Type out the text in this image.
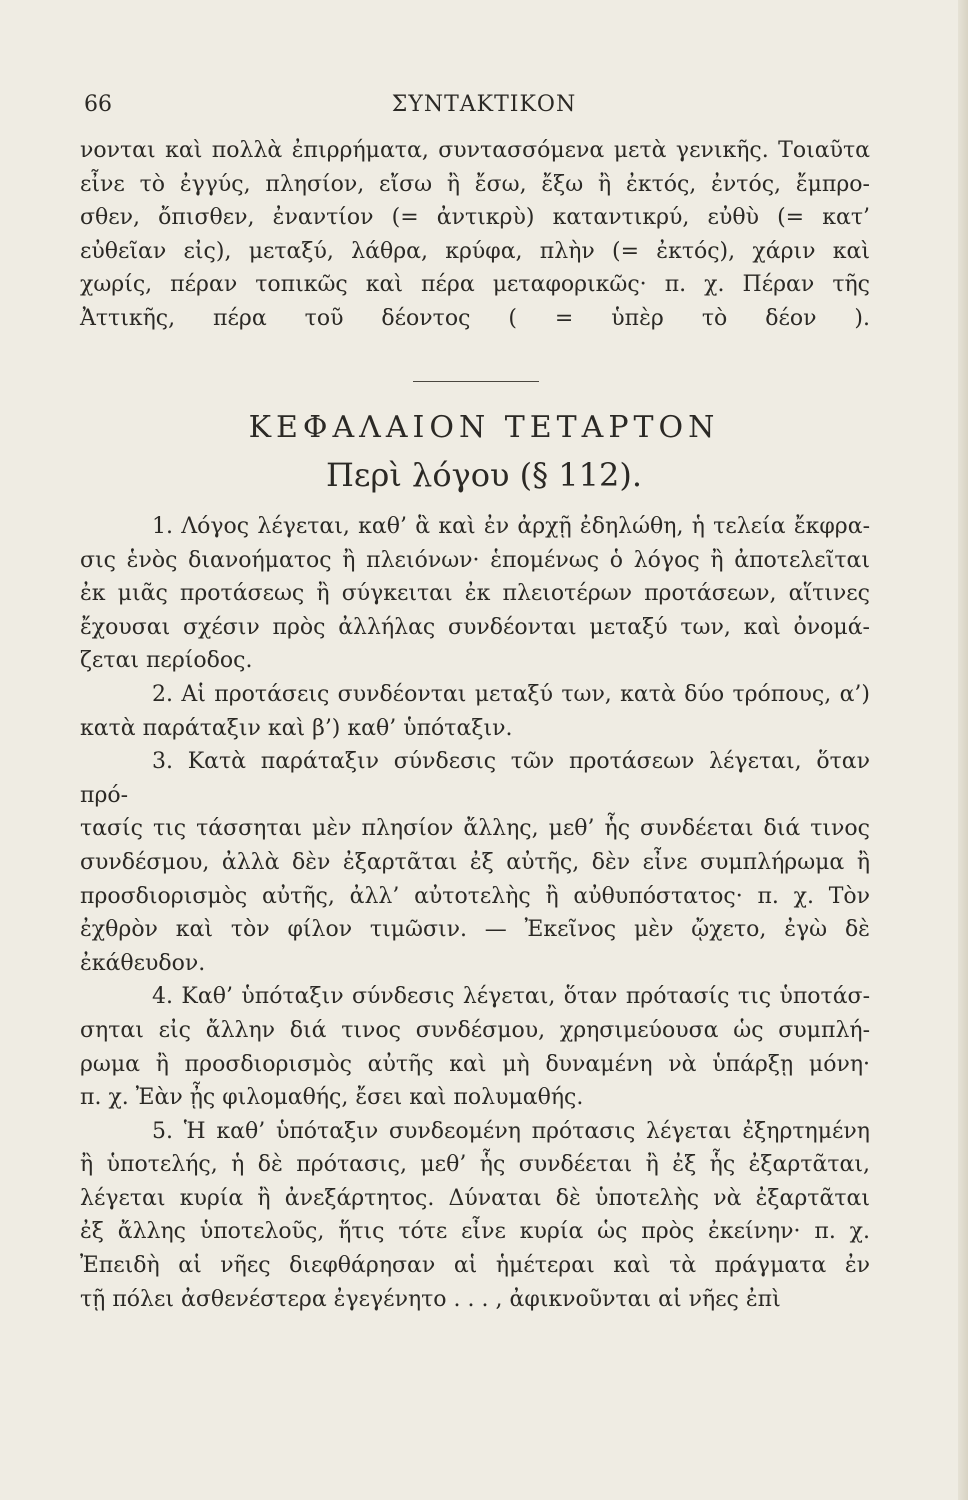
66	ΣΥΝΤΑΚΤΙΚΟΝ

νονται καὶ πολλὰ ἐπιρρήματα, συντασσόμενα μετὰ γενικῆς. Τοιαῦτα

εἶνε τὸ ἐγγύς, πλησίον, εἴσω ἢ ἔσω, ἔξω ἢ ἐκτός, ἐντός, ἔμπρο-

σθεν, ὄπισθεν, ἐναντίον (= ἀντικρὺ) καταντικρύ, εὐθὺ (= κατ’

εὐθεῖαν εἰς), μεταξύ, λάθρα, κρύφα, πλὴν (= ἐκτός), χάριν καὶ

χωρίς, πέραν τοπικῶς καὶ πέρα μεταφορικῶς· π. χ. Πέραν τῆς

Ἀττικῆς, πέρα τοῦ δέοντος ( = ὑπὲρ τὸ δέον ).

ΚΕΦΑΛΑΙΟΝ ΤΕΤΑΡΤΟΝ
Περὶ λόγου (§ 112).

1. Λόγος λέγεται, καθ’ ἃ καὶ ἐν ἀρχῇ ἐδηλώθη, ἡ τελεία ἔκφρα-

σις ἑνὸς διανοήματος ἢ πλειόνων· ἑπομένως ὁ λόγος ἢ ἀποτελεῖται

ἐκ μιᾶς προτάσεως ἢ σύγκειται ἐκ πλειοτέρων προτάσεων, αἵτινες

ἔχουσαι σχέσιν πρὸς ἀλλήλας συνδέονται μεταξύ των, καὶ ὀνομά-

ζεται περίοδος.

2. Αἱ προτάσεις συνδέονται μεταξύ των, κατὰ δύο τρόπους, α’)

κατὰ παράταξιν καὶ β’) καθ’ ὑπόταξιν.

3. Κατὰ παράταξιν σύνδεσις τῶν προτάσεων λέγεται, ὅταν πρό-

τασίς τις τάσσηται μὲν πλησίον ἄλλης, μεθ’ ἧς συνδέεται διά τινος

συνδέσμου, ἀλλὰ δὲν ἐξαρτᾶται ἐξ αὐτῆς, δὲν εἶνε συμπλήρωμα ἢ

προσδιορισμὸς αὐτῆς, ἀλλ’ αὐτοτελὴς ἢ αὐθυπόστατος· π. χ. Τὸν

ἐχθρὸν καὶ τὸν φίλον τιμῶσιν. — Ἐκεῖνος μὲν ᾤχετο, ἐγὼ δὲ

ἐκάθευδον.

4. Καθ’ ὑπόταξιν σύνδεσις λέγεται, ὅταν πρότασίς τις ὑποτάσ-

σηται εἰς ἄλλην διά τινος συνδέσμου, χρησιμεύουσα ὡς συμπλή-

ρωμα ἢ προσδιορισμὸς αὐτῆς καὶ μὴ δυναμένη νὰ ὑπάρξῃ μόνη·

π. χ. Ἐὰν ᾖς φιλομαθής, ἔσει καὶ πολυμαθής.

5. Ἡ καθ’ ὑπόταξιν συνδεομένη πρότασις λέγεται ἐξηρτημένη

ἢ ὑποτελής, ἡ δὲ πρότασις, μεθ’ ἧς συνδέεται ἢ ἐξ ἧς ἐξαρτᾶται,

λέγεται κυρία ἢ ἀνεξάρτητος. Δύναται δὲ ὑποτελὴς νὰ ἐξαρτᾶται

ἐξ ἄλλης ὑποτελοῦς, ἥτις τότε εἶνε κυρία ὡς πρὸς ἐκείνην· π. χ.

Ἐπειδὴ αἱ νῆες διεφθάρησαν αἱ ἡμέτεραι καὶ τὰ πράγματα ἐν

τῇ πόλει ἀσθενέστερα ἐγεγένητο . . . , ἀφικνοῦνται αἱ νῆες ἐπὶ
